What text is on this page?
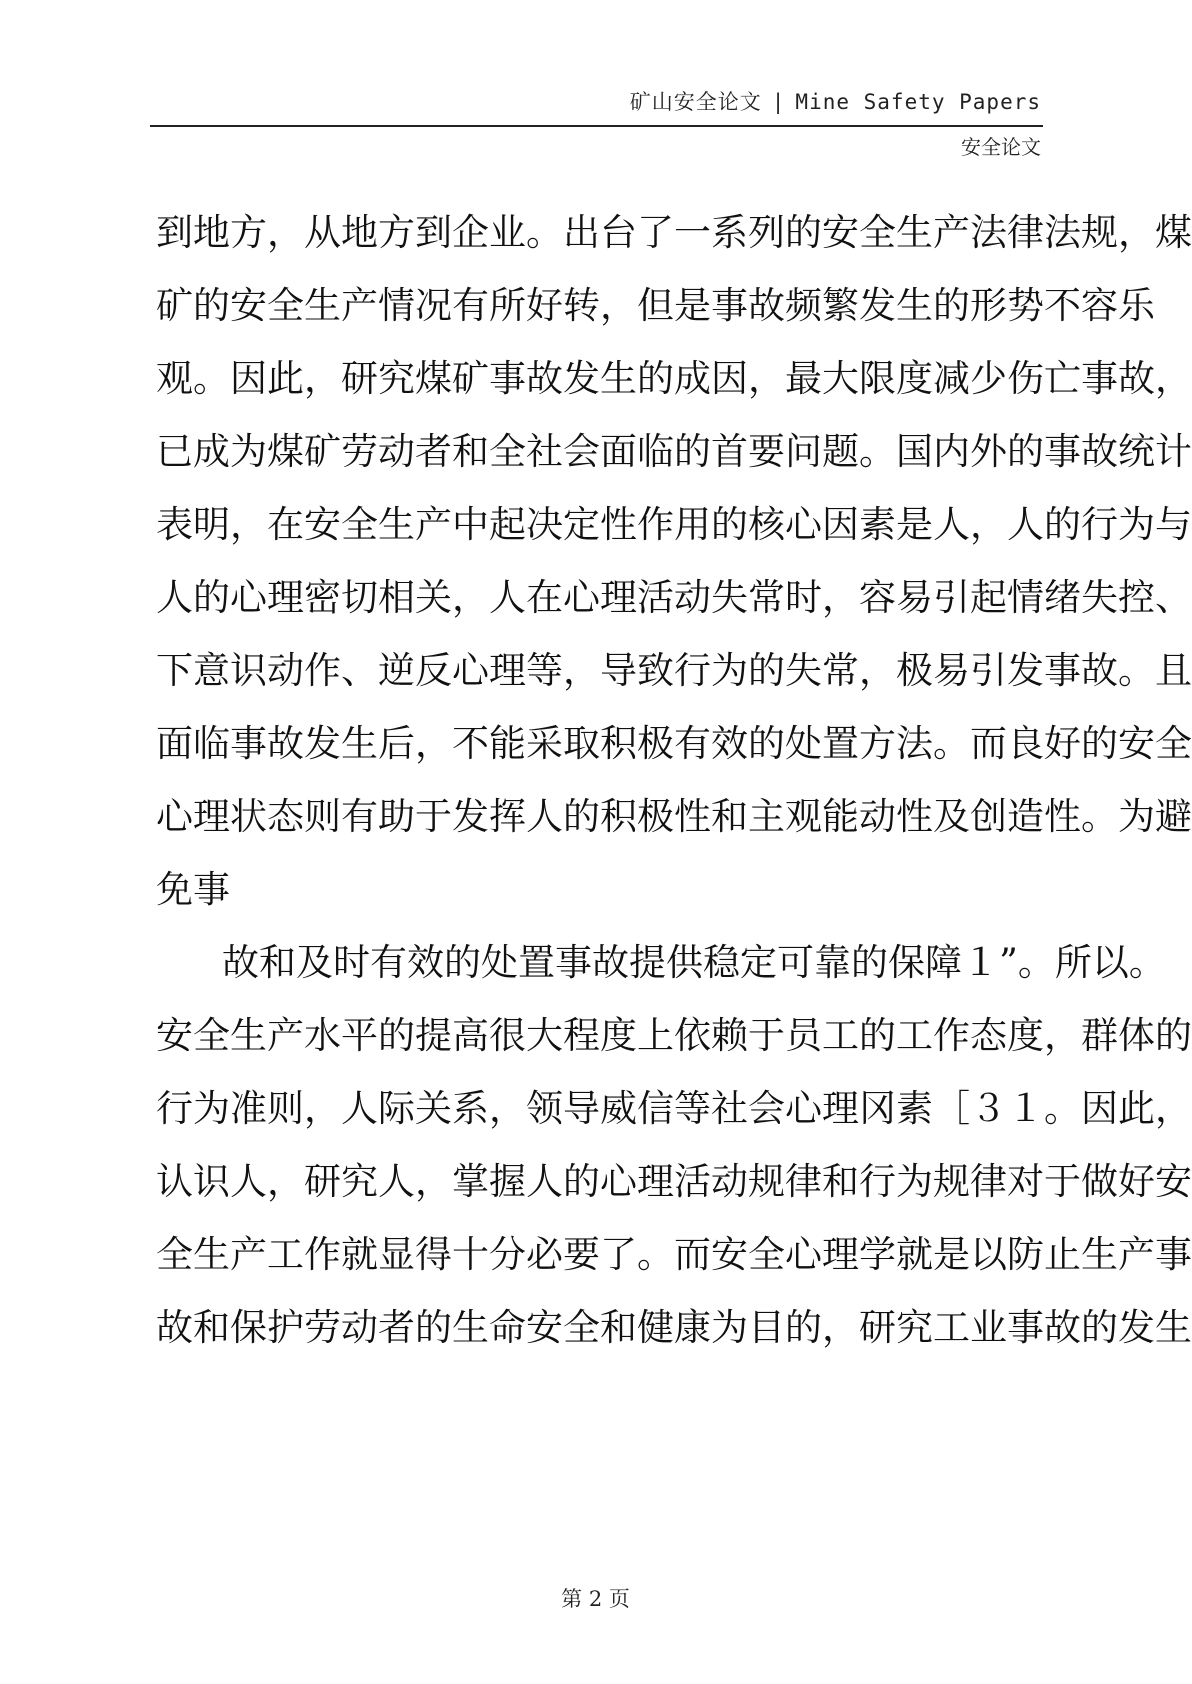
矿山安全论文 | Mine Safety Papers
安全论文
到地方，从地方到企业。出台了一系列的安全生产法律法规，煤
矿的安全生产情况有所好转，但是事故频繁发生的形势不容乐
观。因此，研究煤矿事故发生的成因，最大限度减少伤亡事故，
已成为煤矿劳动者和全社会面临的首要问题。国内外的事故统计
表明，在安全生产中起决定性作用的核心因素是人，人的行为与
人的心理密切相关，人在心理活动失常时，容易引起情绪失控、
下意识动作、逆反心理等，导致行为的失常，极易引发事故。且
面临事故发生后，不能采取积极有效的处置方法。而良好的安全
心理状态则有助于发挥人的积极性和主观能动性及创造性。为避
免事
故和及时有效的处置事故提供稳定可靠的保障１”。所以。
安全生产水平的提高很大程度上依赖于员工的工作态度，群体的
行为准则，人际关系，领导威信等社会心理冈素［３１。因此，
认识人，研究人，掌握人的心理活动规律和行为规律对于做好安
全生产工作就显得十分必要了。而安全心理学就是以防止生产事
故和保护劳动者的生命安全和健康为目的，研究工业事故的发生
第 2 页
